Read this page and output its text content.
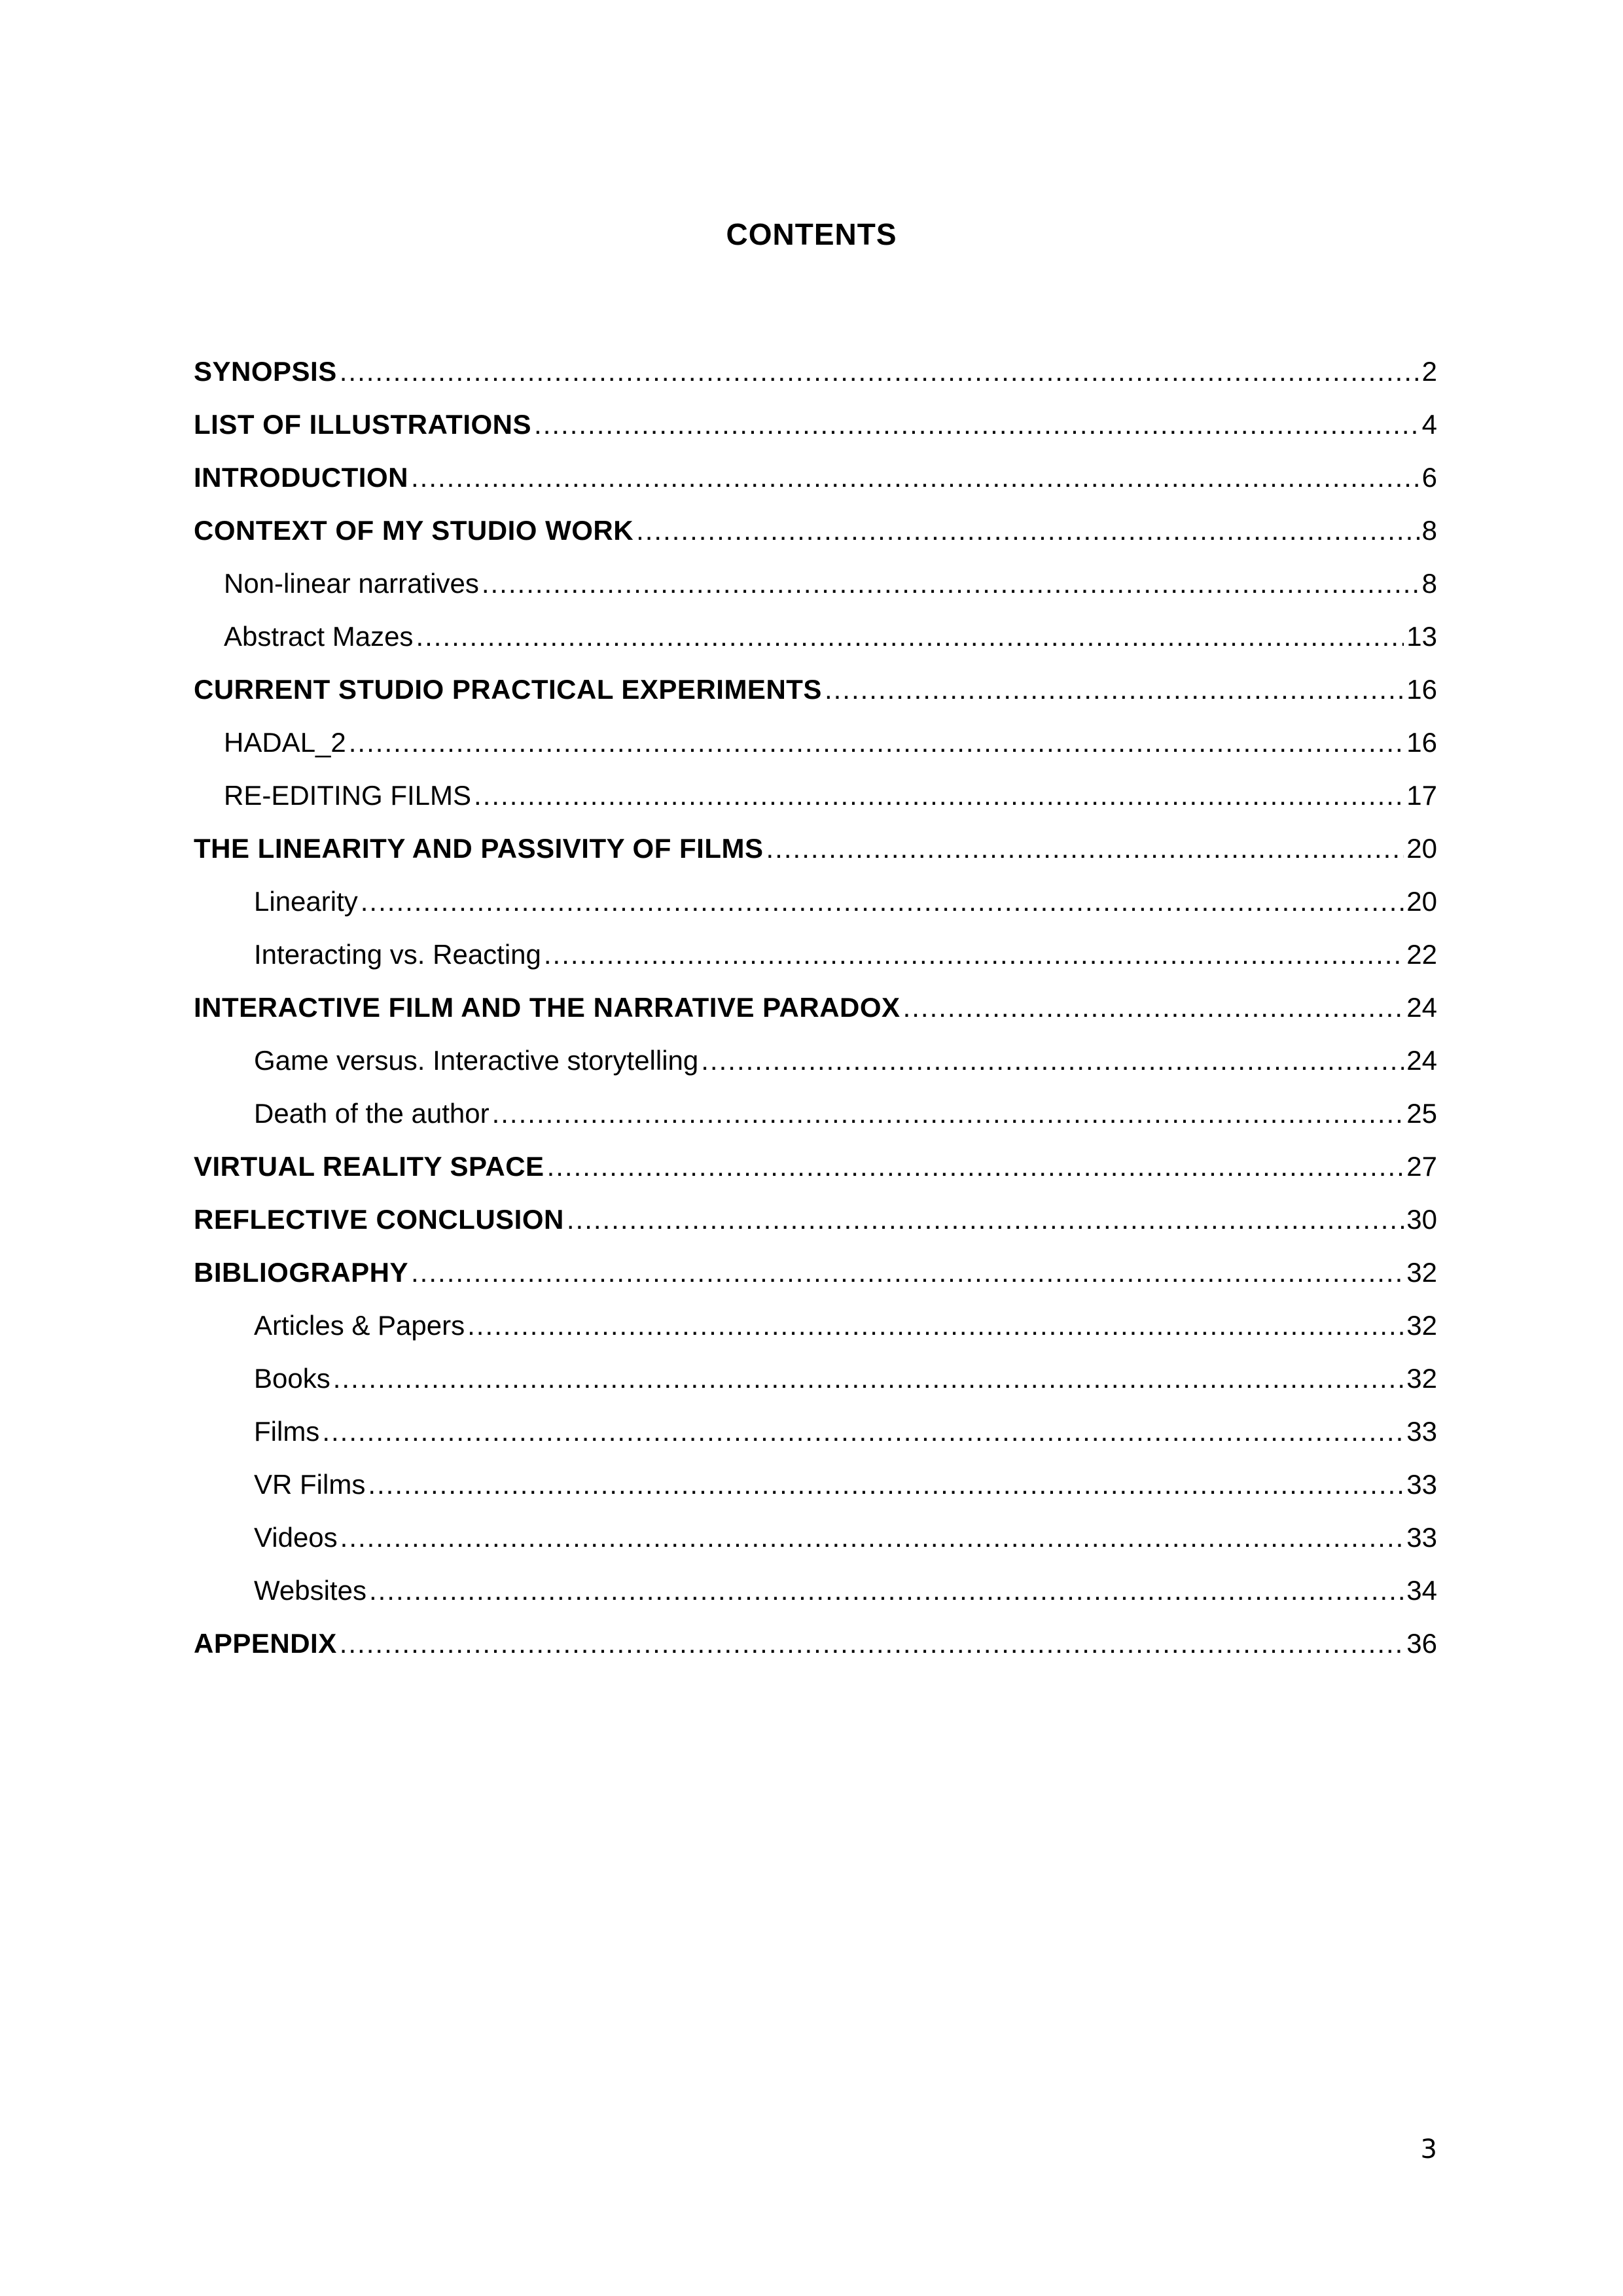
CONTENTS
SYNOPSIS .....	2
LIST OF ILLUSTRATIONS .....	4
INTRODUCTION .....	6
CONTEXT OF MY STUDIO WORK .....	8
Non-linear narratives .....	8
Abstract Mazes .....	13
CURRENT STUDIO PRACTICAL EXPERIMENTS .....	16
HADAL_2 .....	16
RE-EDITING FILMS .....	17
THE LINEARITY AND PASSIVITY OF FILMS .....	20
Linearity .....	20
Interacting vs. Reacting .....	22
INTERACTIVE FILM AND THE NARRATIVE PARADOX .....	24
Game versus. Interactive storytelling .....	24
Death of the author .....	25
VIRTUAL REALITY SPACE .....	27
REFLECTIVE CONCLUSION .....	30
BIBLIOGRAPHY .....	32
Articles & Papers .....	32
Books .....	32
Films .....	33
VR Films .....	33
Videos .....	33
Websites .....	34
APPENDIX .....	36
3
